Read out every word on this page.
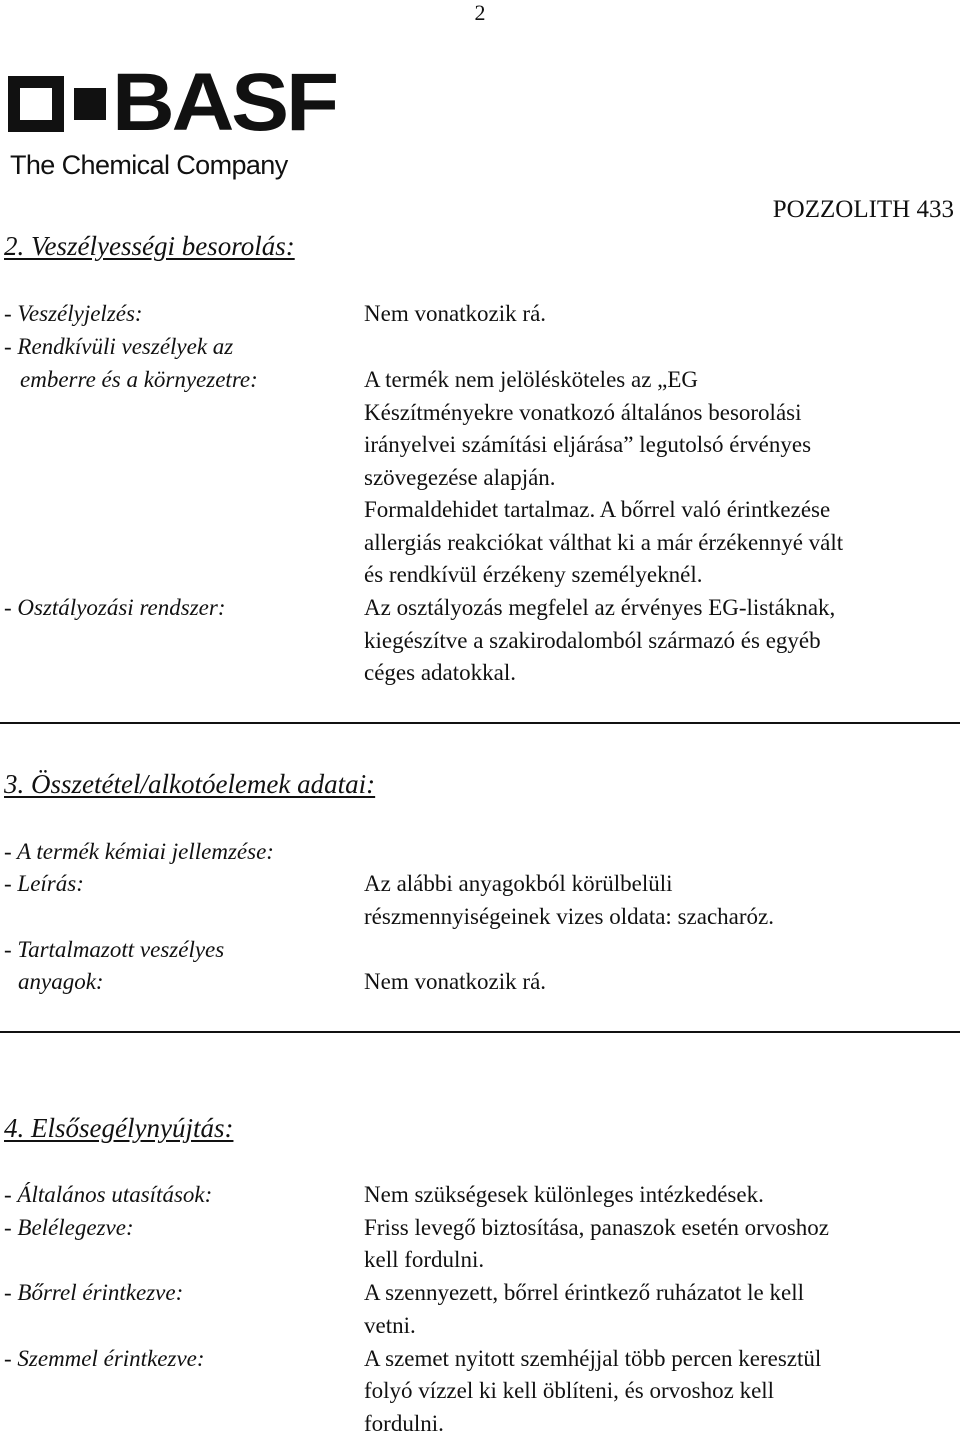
2
BASF
The Chemical Company
POZZOLITH 433
2. Veszélyességi besorolás:
- Veszélyjelzés:	Nem vonatkozik rá.
- Rendkívüli veszélyek az
emberre és a környezetre:	A termék nem jelölésköteles az „EG
Készítményekre vonatkozó általános besorolási
irányelvei számítási eljárása” legutolsó érvényes
szövegezése alapján.
Formaldehidet tartalmaz. A bőrrel való érintkezése
allergiás reakciókat válthat ki a már érzékennyé vált
és rendkívül érzékeny személyeknél.
- Osztályozási rendszer:	Az osztályozás megfelel az érvényes EG-listáknak,
kiegészítve a szakirodalomból származó és egyéb
céges adatokkal.
3. Összetétel/alkotóelemek adatai:
- A termék kémiai jellemzése:
- Leírás:	Az alábbi anyagokból körülbelüli
részmennyiségeinek vizes oldata: szacharóz.
- Tartalmazott veszélyes
anyagok:	Nem vonatkozik rá.
4. Elsősegélynyújtás:
- Általános utasítások:	Nem szükségesek különleges intézkedések.
- Belélegezve:	Friss levegő biztosítása, panaszok esetén orvoshoz
kell fordulni.
- Bőrrel érintkezve:	A szennyezett, bőrrel érintkező ruházatot le kell
vetni.
- Szemmel érintkezve:	A szemet nyitott szemhéjjal több percen keresztül
folyó vízzel ki kell öblíteni, és orvoshoz kell
fordulni.
